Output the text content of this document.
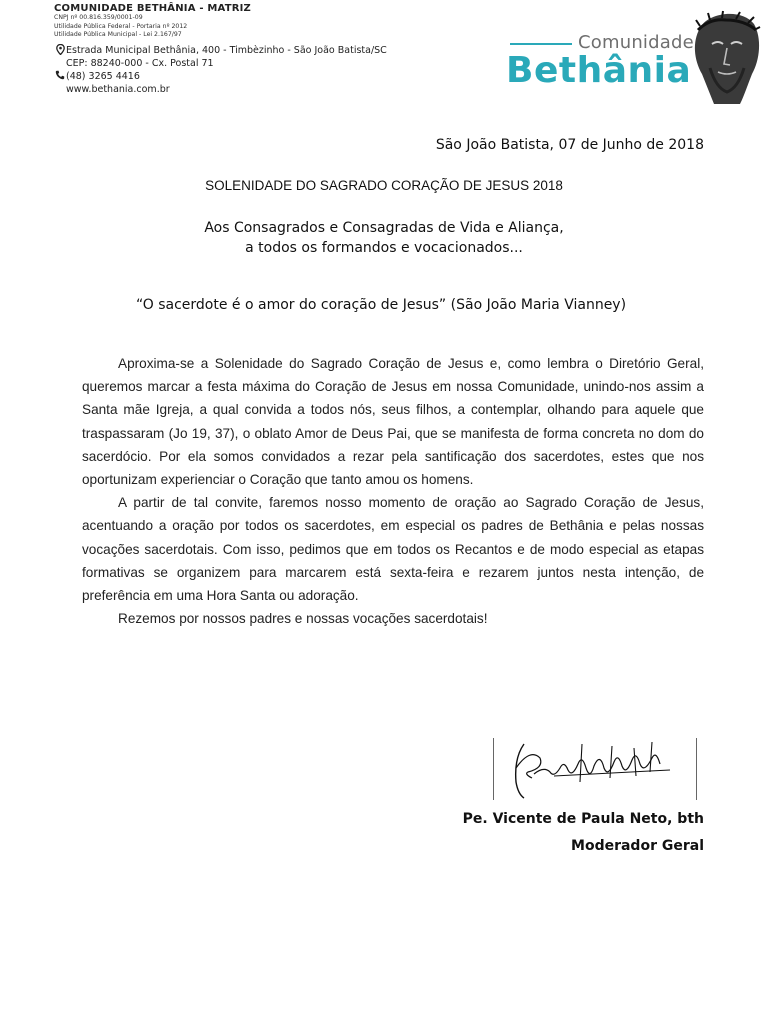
COMUNIDADE BETHÂNIA - MATRIZ
CNPJ nº 00.816.359/0001-09
Utilidade Pública Federal - Portaria nº 2012
Utilidade Pública Municipal - Lei 2.167/97
Estrada Municipal Bethânia, 400 - Timbèzinho - São João Batista/SC
CEP: 88240-000 - Cx. Postal 71
(48) 3265 4416
www.bethania.com.br
Comunidade
Bethânia
São João Batista, 07 de Junho de 2018
SOLENIDADE DO SAGRADO CORAÇÃO DE JESUS 2018
Aos Consagrados e Consagradas de Vida e Aliança,
a todos os formandos e vocacionados...
“O sacerdote é o amor do coração de Jesus” (São João Maria Vianney)

Aproxima-se a Solenidade do Sagrado Coração de Jesus e, como lembra o Diretório Geral, queremos marcar a festa máxima do Coração de Jesus em nossa Comunidade, unindo-nos assim a Santa mãe Igreja, a qual convida a todos nós, seus filhos, a contemplar, olhando para aquele que traspassaram (Jo 19, 37), o oblato Amor de Deus Pai, que se manifesta de forma concreta no dom do sacerdócio. Por ela somos convidados a rezar pela santificação dos sacerdotes, estes que nos oportunizam experienciar o Coração que tanto amou os homens.

A partir de tal convite, faremos nosso momento de oração ao Sagrado Coração de Jesus, acentuando a oração por todos os sacerdotes, em especial os padres de Bethânia e pelas nossas vocações sacerdotais. Com isso, pedimos que em todos os Recantos e de modo especial as etapas formativas se organizem para marcarem está sexta-feira e rezarem juntos nesta intenção, de preferência em uma Hora Santa ou adoração.

Rezemos por nossos padres e nossas vocações sacerdotais!

Pe. Vicente de Paula Neto, bth
Moderador Geral
